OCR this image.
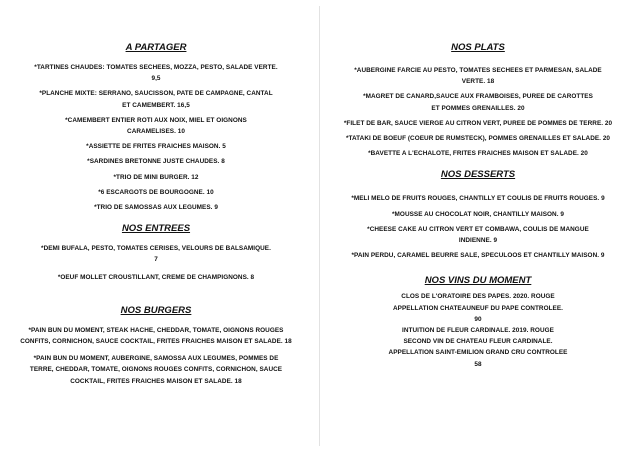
A PARTAGER

*TARTINES CHAUDES: TOMATES SECHEES, MOZZA, PESTO, SALADE VERTE. 9,5

*PLANCHE MIXTE: SERRANO, SAUCISSON, PATE DE CAMPAGNE, CANTAL ET CAMEMBERT. 16,5

*CAMEMBERT ENTIER ROTI AUX NOIX, MIEL ET OIGNONS CARAMELISES. 10

*ASSIETTE DE FRITES FRAICHES MAISON. 5

*SARDINES BRETONNE JUSTE CHAUDES. 8

*TRIO DE MINI BURGER. 12

*6 ESCARGOTS DE BOURGOGNE. 10

*TRIO DE SAMOSSAS AUX LEGUMES. 9

NOS ENTREES

*DEMI BUFALA, PESTO, TOMATES CERISES, VELOURS DE BALSAMIQUE. 7

*OEUF MOLLET CROUSTILLANT, CREME DE CHAMPIGNONS. 8

NOS BURGERS

*PAIN BUN DU MOMENT, STEAK HACHE, CHEDDAR, TOMATE, OIGNONS ROUGES CONFITS, CORNICHON, SAUCE COCKTAIL, FRITES FRAICHES MAISON ET SALADE. 18

*PAIN BUN DU MOMENT, AUBERGINE, SAMOSSA AUX LEGUMES, POMMES DE TERRE, CHEDDAR, TOMATE, OIGNONS ROUGES CONFITS, CORNICHON, SAUCE COCKTAIL, FRITES FRAICHES MAISON ET SALADE. 18

NOS PLATS

*AUBERGINE FARCIE AU PESTO, TOMATES SECHEES ET PARMESAN, SALADE VERTE. 18

*MAGRET DE CANARD,SAUCE AUX FRAMBOISES, PUREE DE CAROTTES ET POMMES GRENAILLES. 20

*FILET DE BAR, SAUCE VIERGE AU CITRON VERT, PUREE DE POMMES DE TERRE. 20

*TATAKI DE BOEUF (COEUR DE RUMSTECK), POMMES GRENAILLES ET SALADE. 20

*BAVETTE A L'ECHALOTE, FRITES FRAICHES MAISON ET SALADE. 20

NOS DESSERTS

*MELI MELO DE FRUITS ROUGES, CHANTILLY ET COULIS DE FRUITS ROUGES. 9

*MOUSSE AU CHOCOLAT NOIR, CHANTILLY MAISON. 9

*CHEESE CAKE AU CITRON VERT ET COMBAWA, COULIS DE MANGUE INDIENNE. 9

*PAIN PERDU, CARAMEL BEURRE SALE, SPECULOOS ET CHANTILLY MAISON. 9

NOS VINS DU MOMENT

CLOS DE L'ORATOIRE DES PAPES. 2020. ROUGE

APPELLATION CHATEAUNEUF DU PAPE CONTROLEE.

90

INTUITION DE FLEUR CARDINALE. 2019. ROUGE

SECOND VIN DE CHATEAU FLEUR CARDINALE.

APPELLATION SAINT-EMILION GRAND CRU CONTROLEE

58
